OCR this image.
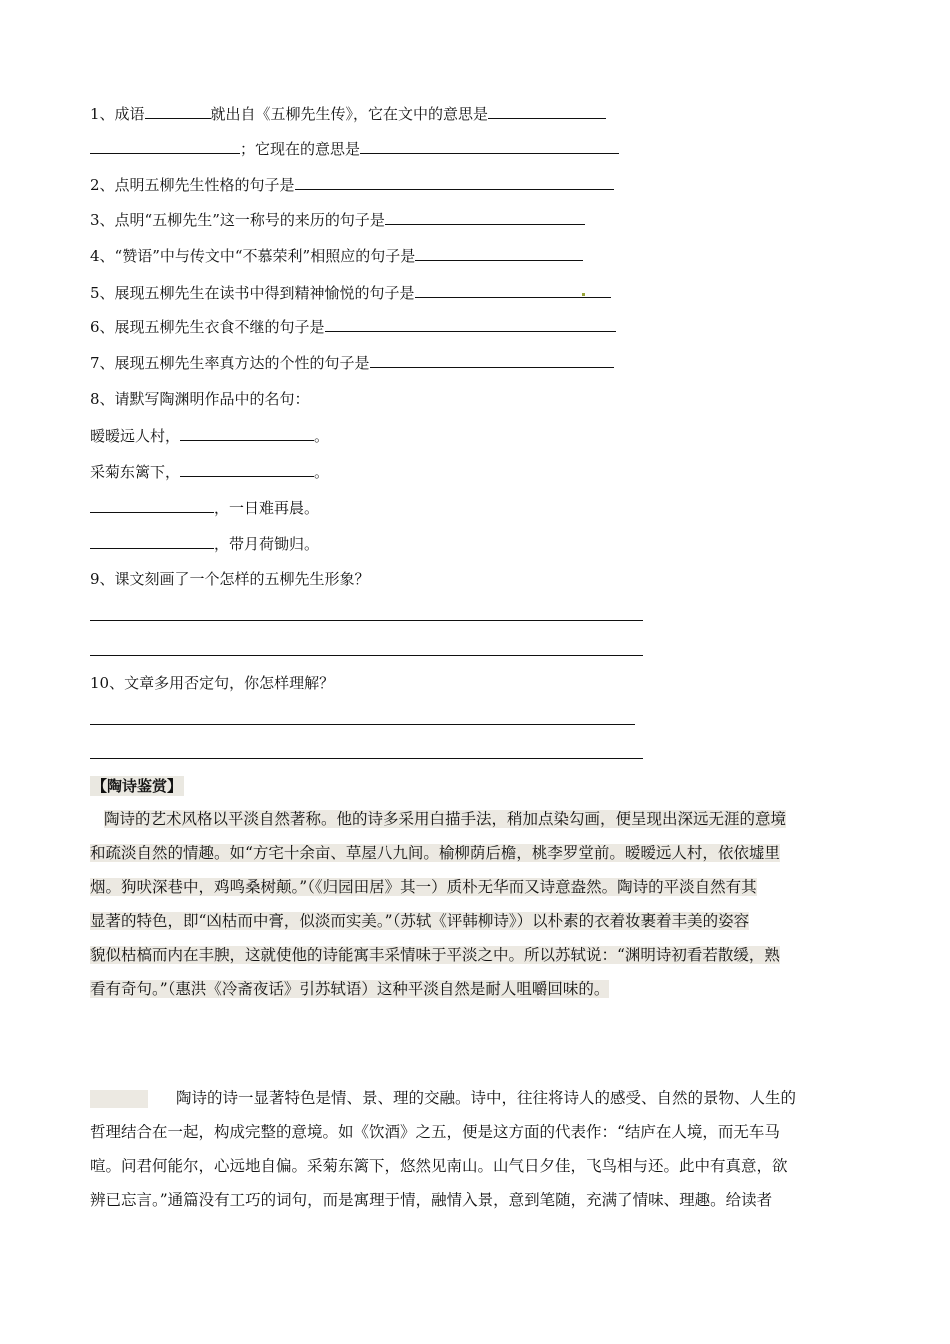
1、成语	就出自《五柳先生传》，它在文中的意思是
；它现在的意思是
2、点明五柳先生性格的句子是
3、点明“五柳先生”这一称号的来历的句子是
4、“赞语”中与传文中“不慕荣利”相照应的句子是
5、展现五柳先生在读书中得到精神愉悦的句子是
6、展现五柳先生衣食不继的句子是
7、展现五柳先生率真方达的个性的句子是
8、请默写陶渊明作品中的名句：
暧暧远人村，	。
采菊东篱下，	。
，一日难再晨。
，带月荷锄归。
9、课文刻画了一个怎样的五柳先生形象？
10、文章多用否定句，你怎样理解？
【陶诗鉴赏】
陶诗的艺术风格以平淡自然著称。他的诗多采用白描手法，稍加点染勾画，便呈现出深远无涯的意境
和疏淡自然的情趣。如“方宅十余亩、草屋八九间。榆柳荫后檐，桃李罗堂前。暧暧远人村，依依墟里
烟。狗吠深巷中，鸡鸣桑树颠。”（《归园田居》其一）质朴无华而又诗意盎然。陶诗的平淡自然有其
显著的特色，即“凶枯而中膏，似淡而实美。”（苏轼《评韩柳诗》）以朴素的衣着妆裹着丰美的姿容
貌似枯槁而内在丰腴，这就使他的诗能寓丰采情味于平淡之中。所以苏轼说：“渊明诗初看若散缓，熟
看有奇句。”（惠洪《冷斋夜话》引苏轼语）这种平淡自然是耐人咀嚼回味的。
陶诗的诗一显著特色是情、景、理的交融。诗中，往往将诗人的感受、自然的景物、人生的
哲理结合在一起，构成完整的意境。如《饮酒》之五，便是这方面的代表作：“结庐在人境，而无车马
喧。问君何能尔，心远地自偏。采菊东篱下，悠然见南山。山气日夕佳，飞鸟相与还。此中有真意，欲
辨已忘言。”通篇没有工巧的词句，而是寓理于情，融情入景，意到笔随，充满了情味、理趣。给读者
